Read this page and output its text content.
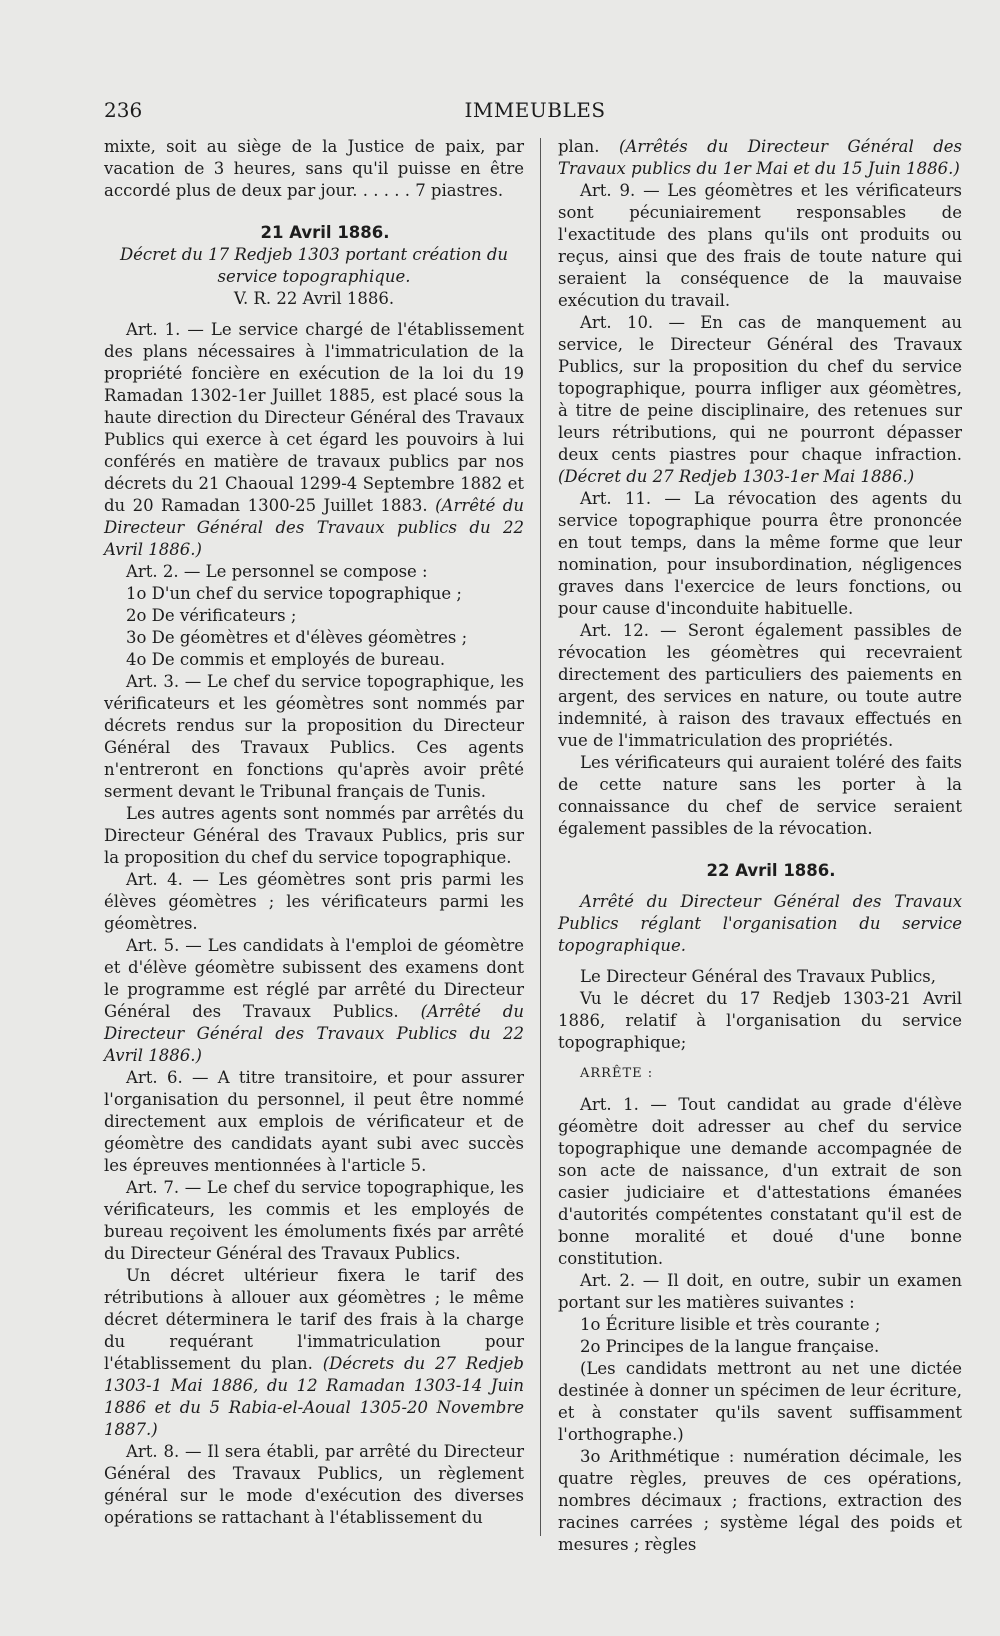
236	IMMEUBLES

mixte, soit au siège de la Justice de paix, par vacation de 3 heures, sans qu'il puisse en être accordé plus de deux par jour. . . . . . 7 piastres.

21 Avril 1886.

Décret du 17 Redjeb 1303 portant création du service topographique.

V. R. 22 Avril 1886.

Art. 1. — Le service chargé de l'établissement des plans nécessaires à l'immatriculation de la propriété foncière en exécution de la loi du 19 Ramadan 1302-1er Juillet 1885, est placé sous la haute direction du Directeur Général des Travaux Publics qui exerce à cet égard les pouvoirs à lui conférés en matière de travaux publics par nos décrets du 21 Chaoual 1299-4 Septembre 1882 et du 20 Ramadan 1300-25 Juillet 1883. (Arrêté du Directeur Général des Travaux publics du 22 Avril 1886.)

Art. 2. — Le personnel se compose :

1o D'un chef du service topographique ;

2o De vérificateurs ;

3o De géomètres et d'élèves géomètres ;

4o De commis et employés de bureau.

Art. 3. — Le chef du service topographique, les vérificateurs et les géomètres sont nommés par décrets rendus sur la proposition du Directeur Général des Travaux Publics. Ces agents n'entreront en fonctions qu'après avoir prêté serment devant le Tribunal français de Tunis.

Les autres agents sont nommés par arrêtés du Directeur Général des Travaux Publics, pris sur la proposition du chef du service topographique.

Art. 4. — Les géomètres sont pris parmi les élèves géomètres ; les vérificateurs parmi les géomètres.

Art. 5. — Les candidats à l'emploi de géomètre et d'élève géomètre subissent des examens dont le programme est réglé par arrêté du Directeur Général des Travaux Publics. (Arrêté du Directeur Général des Travaux Publics du 22 Avril 1886.)

Art. 6. — A titre transitoire, et pour assurer l'organisation du personnel, il peut être nommé directement aux emplois de vérificateur et de géomètre des candidats ayant subi avec succès les épreuves mentionnées à l'article 5.

Art. 7. — Le chef du service topographique, les vérificateurs, les commis et les employés de bureau reçoivent les émoluments fixés par arrêté du Directeur Général des Travaux Publics.

Un décret ultérieur fixera le tarif des rétributions à allouer aux géomètres ; le même décret déterminera le tarif des frais à la charge du requérant l'immatriculation pour l'établissement du plan. (Décrets du 27 Redjeb 1303-1 Mai 1886, du 12 Ramadan 1303-14 Juin 1886 et du 5 Rabia-el-Aoual 1305-20 Novembre 1887.)

Art. 8. — Il sera établi, par arrêté du Directeur Général des Travaux Publics, un règlement général sur le mode d'exécution des diverses opérations se rattachant à l'établissement du

plan. (Arrêtés du Directeur Général des Travaux publics du 1er Mai et du 15 Juin 1886.)

Art. 9. — Les géomètres et les vérificateurs sont pécuniairement responsables de l'exactitude des plans qu'ils ont produits ou reçus, ainsi que des frais de toute nature qui seraient la conséquence de la mauvaise exécution du travail.

Art. 10. — En cas de manquement au service, le Directeur Général des Travaux Publics, sur la proposition du chef du service topographique, pourra infliger aux géomètres, à titre de peine disciplinaire, des retenues sur leurs rétributions, qui ne pourront dépasser deux cents piastres pour chaque infraction. (Décret du 27 Redjeb 1303-1er Mai 1886.)

Art. 11. — La révocation des agents du service topographique pourra être prononcée en tout temps, dans la même forme que leur nomination, pour insubordination, négligences graves dans l'exercice de leurs fonctions, ou pour cause d'inconduite habituelle.

Art. 12. — Seront également passibles de révocation les géomètres qui recevraient directement des particuliers des paiements en argent, des services en nature, ou toute autre indemnité, à raison des travaux effectués en vue de l'immatriculation des propriétés.

Les vérificateurs qui auraient toléré des faits de cette nature sans les porter à la connaissance du chef de service seraient également passibles de la révocation.

22 Avril 1886.

Arrêté du Directeur Général des Travaux Publics réglant l'organisation du service topographique.

Le Directeur Général des Travaux Publics,

Vu le décret du 17 Redjeb 1303-21 Avril 1886, relatif à l'organisation du service topographique;

ARRÊTE :

Art. 1. — Tout candidat au grade d'élève géomètre doit adresser au chef du service topographique une demande accompagnée de son acte de naissance, d'un extrait de son casier judiciaire et d'attestations émanées d'autorités compétentes constatant qu'il est de bonne moralité et doué d'une bonne constitution.

Art. 2. — Il doit, en outre, subir un examen portant sur les matières suivantes :

1o Écriture lisible et très courante ;

2o Principes de la langue française.

(Les candidats mettront au net une dictée destinée à donner un spécimen de leur écriture, et à constater qu'ils savent suffisamment l'orthographe.)

3o Arithmétique : numération décimale, les quatre règles, preuves de ces opérations, nombres décimaux ; fractions, extraction des racines carrées ; système légal des poids et mesures ; règles
